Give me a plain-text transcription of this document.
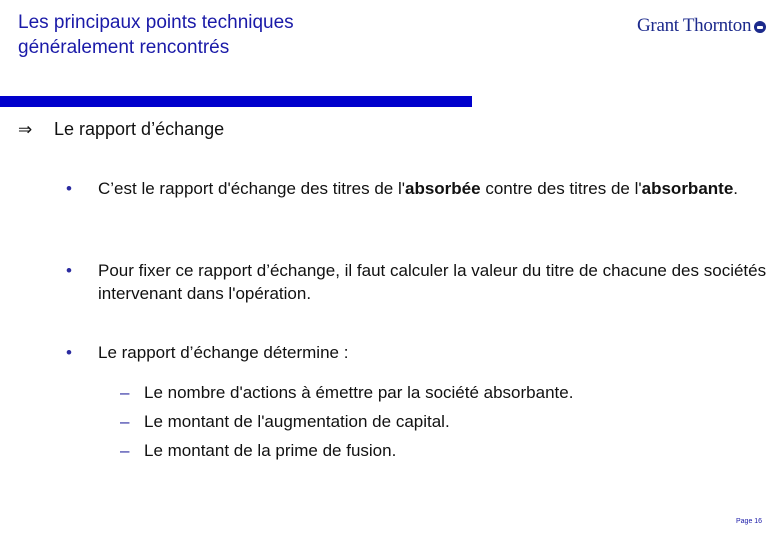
Les principaux points techniques
généralement rencontrés
Grant Thornton
⇒	Le rapport d’échange
• C’est le rapport d'échange des titres de l'absorbée contre des titres de l'absorbante.
• Pour fixer ce rapport d’échange, il faut calculer la valeur du titre de chacune des sociétés intervenant dans l'opération.
• Le rapport d’échange détermine :
– Le nombre d'actions à émettre par la société absorbante.
– Le montant de l'augmentation de capital.
– Le montant de la prime de fusion.
Page 16
